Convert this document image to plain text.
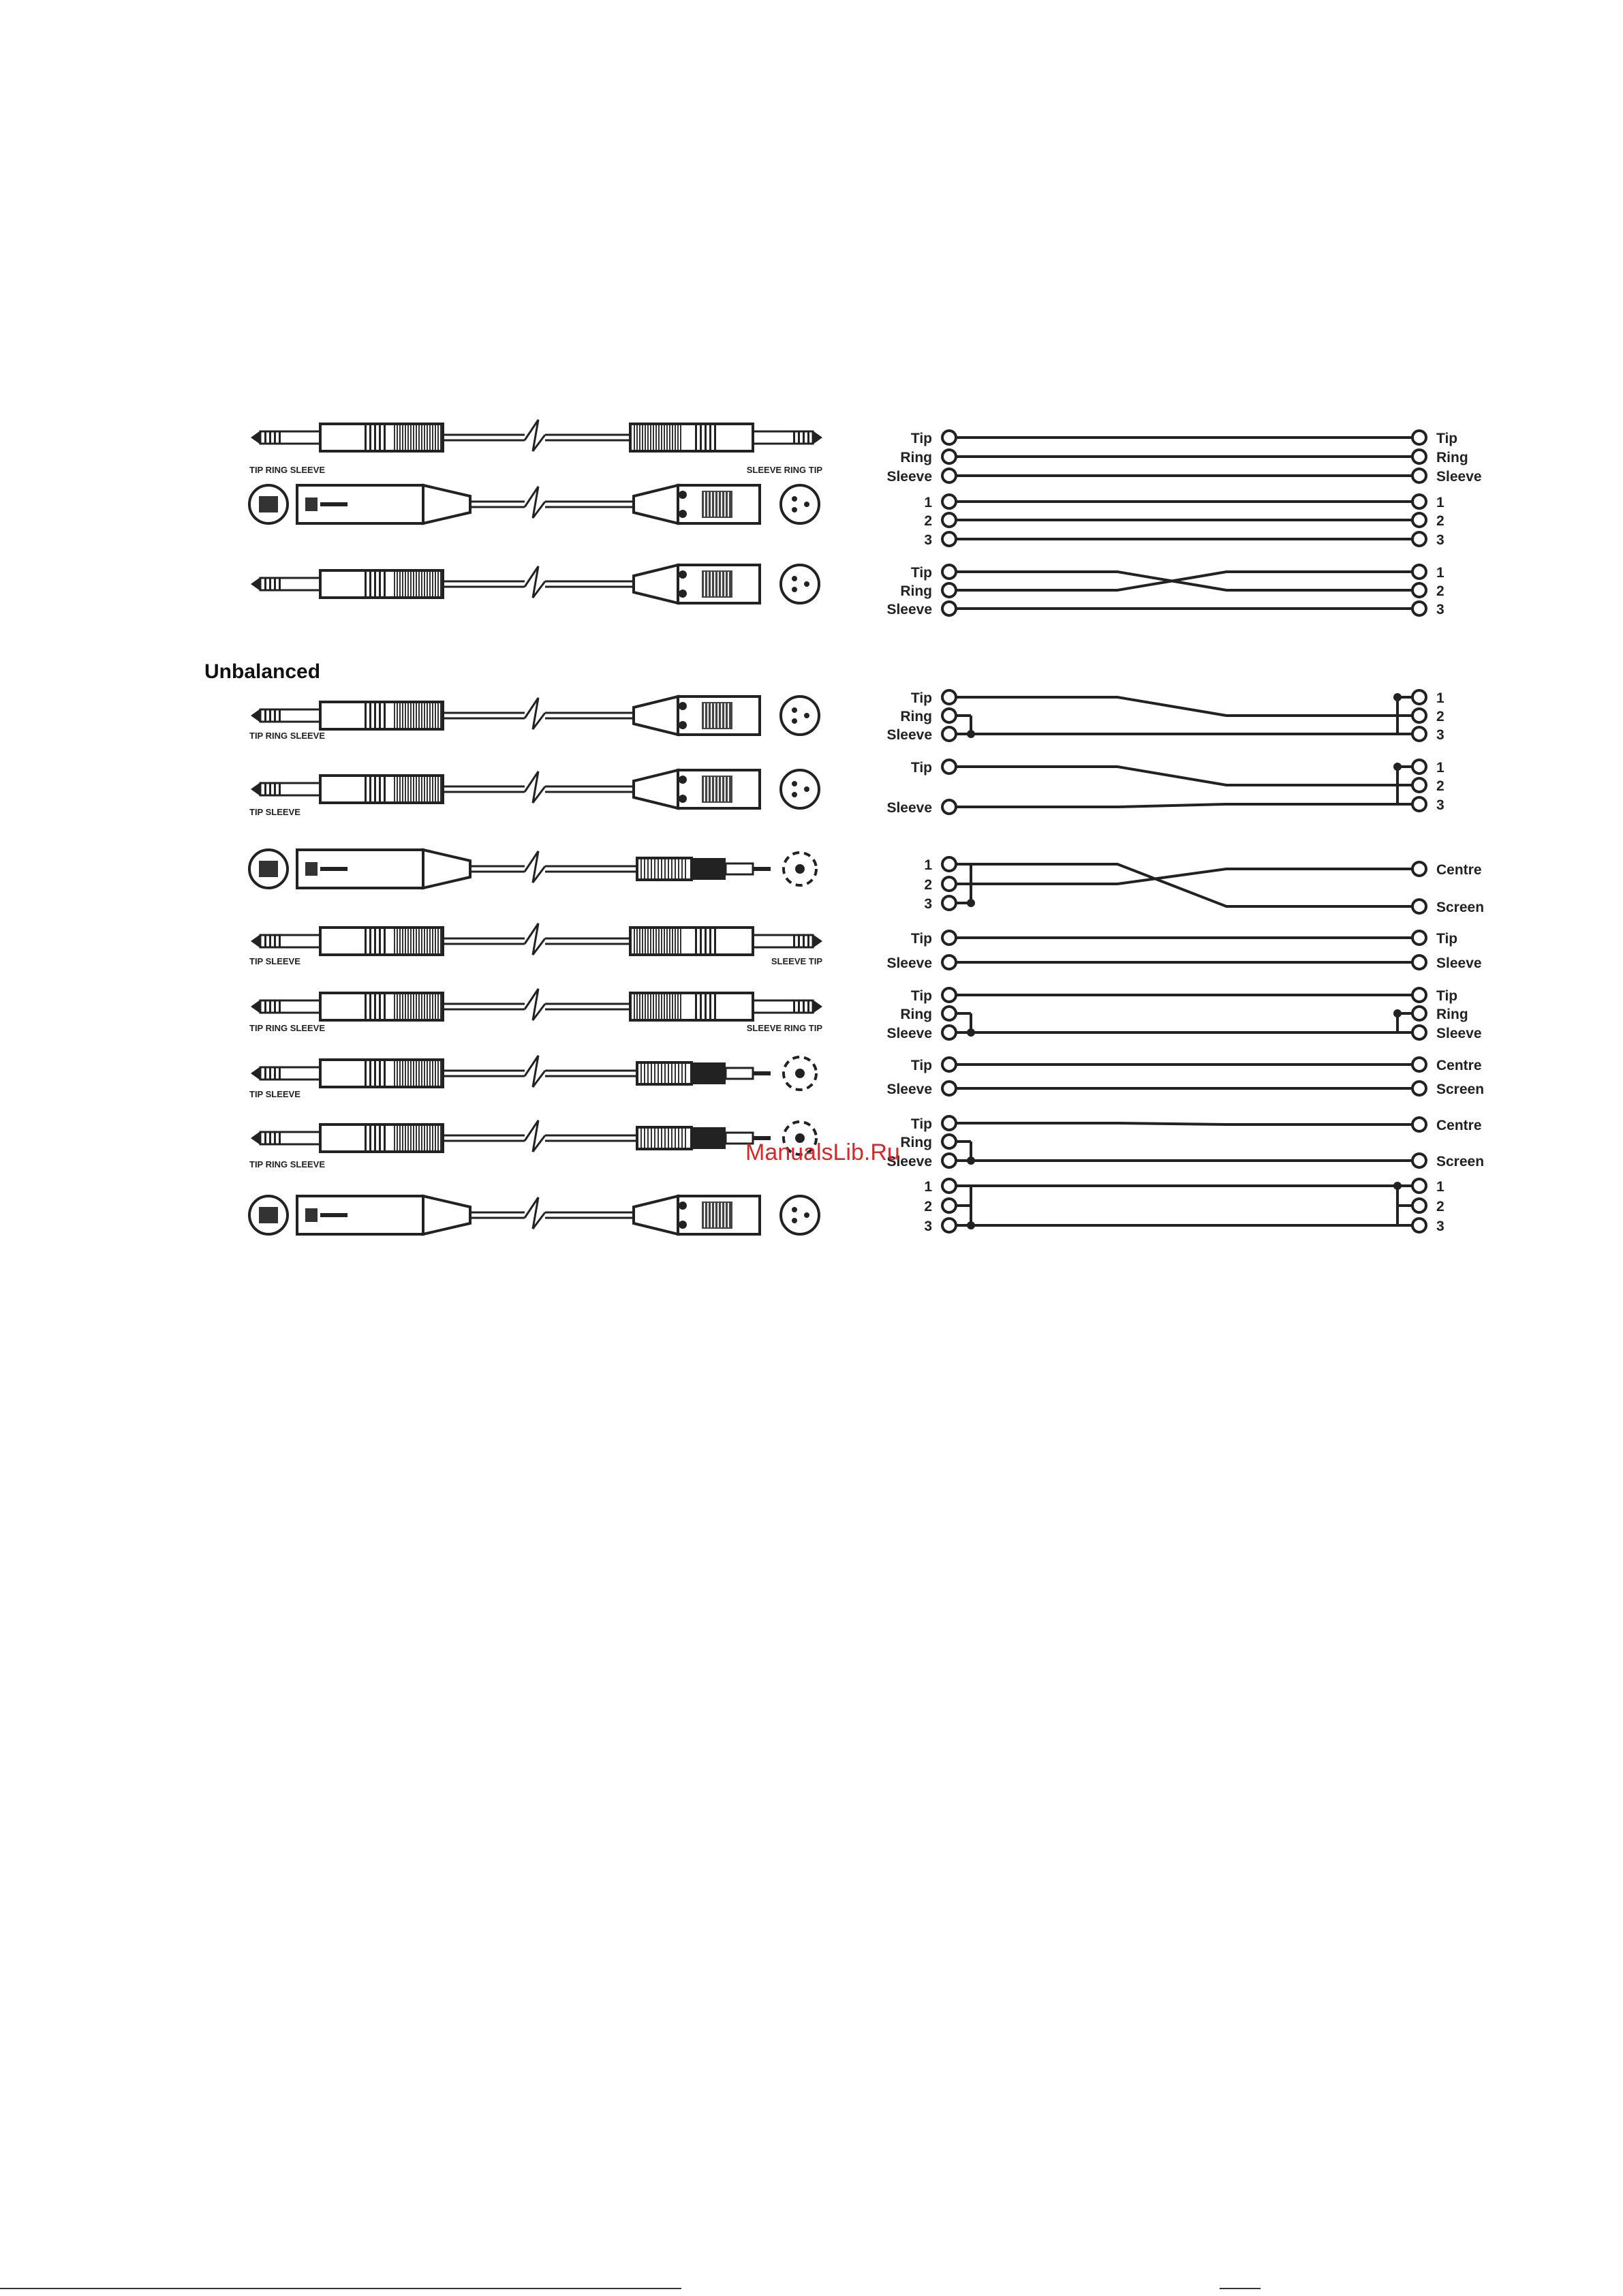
TIP RING SLEEVE	SLEEVE RING TIP
TIP RING SLEEVE
TIP SLEEVE
TIP SLEEVE	SLEEVE TIP
TIP RING SLEEVE	SLEEVE RING TIP
TIP SLEEVE
TIP RING SLEEVE
Tip
Ring
Sleeve
Tip
Ring
Sleeve
1
2
3
1
2
3
Tip
Ring
Sleeve
1
2
3
Tip
Ring
Sleeve
1
2
3
Tip
Sleeve
1
2
3
1
2
3
Centre
Screen
Tip
Sleeve
Tip
Sleeve
Tip
Ring
Sleeve
Tip
Ring
Sleeve
Tip
Sleeve
Centre
Screen
Tip
Ring
Sleeve
Centre
Screen
1
2
3
1
2
3
Unbalanced
ManualsLib.Ru
